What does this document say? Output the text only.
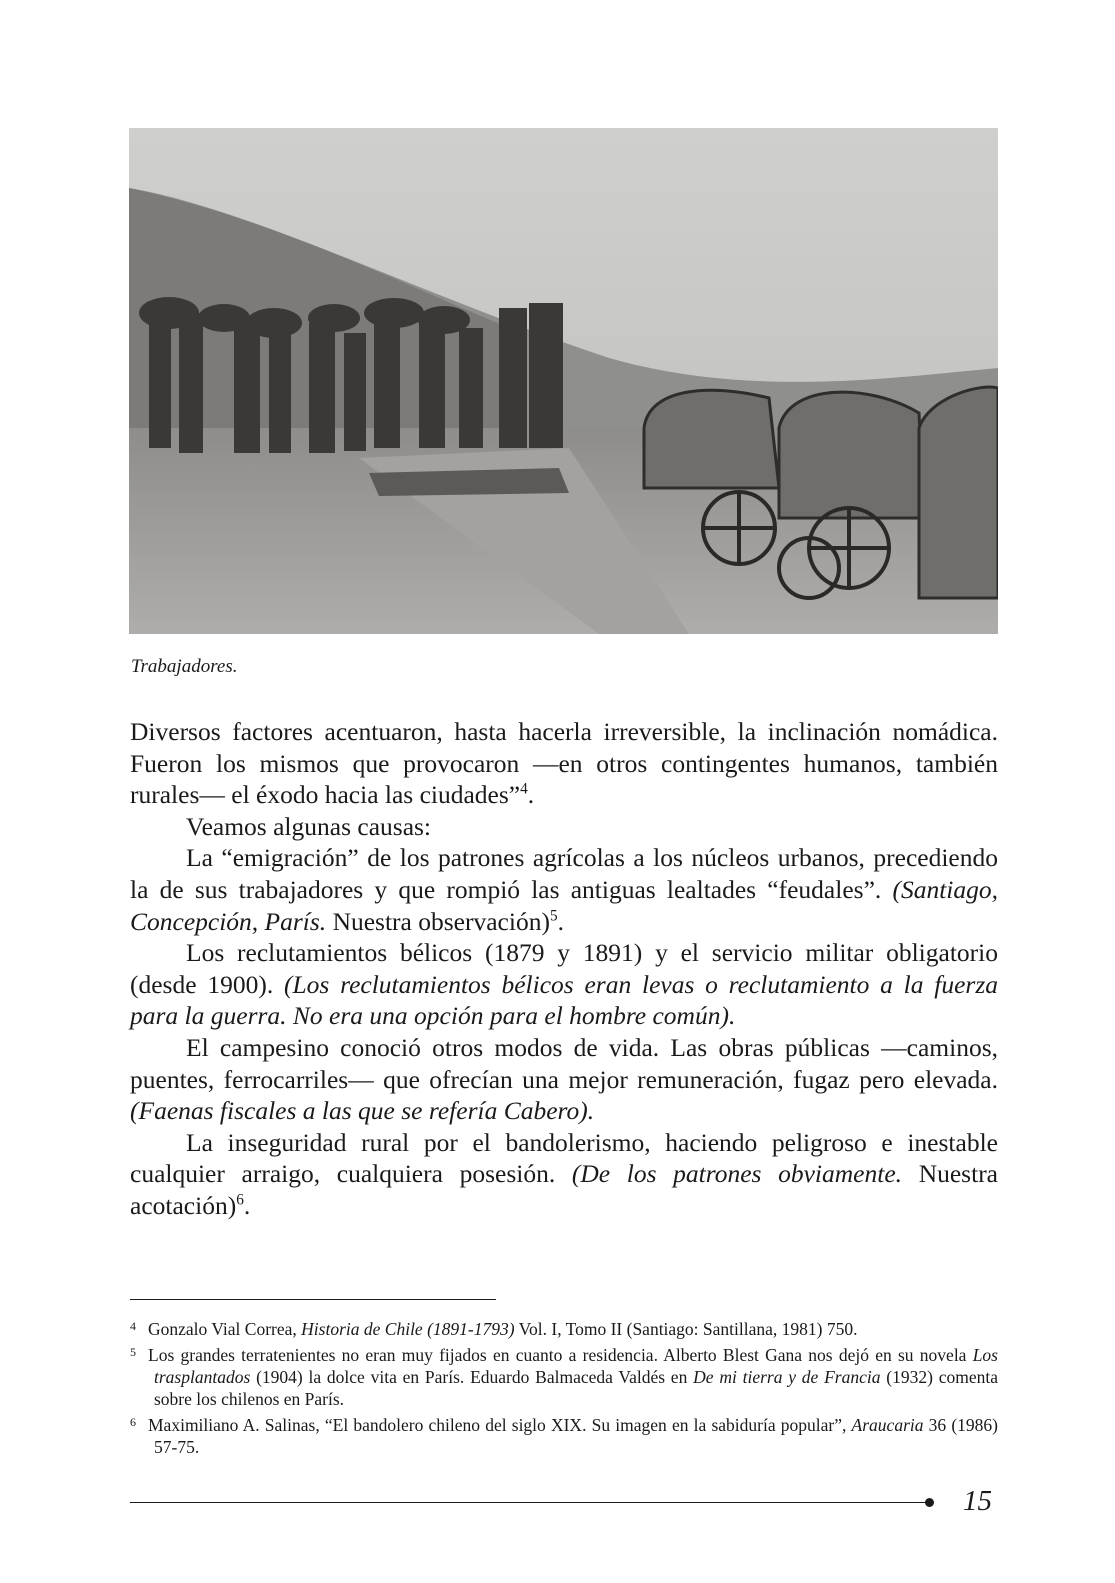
Trabajadores.

Diversos factores acentuaron, hasta hacerla irreversible, la inclinación nomádica. Fueron los mismos que provocaron —en otros contingentes humanos, también rurales— el éxodo hacia las ciudades”$^4$.

Veamos algunas causas:

La “emigración” de los patrones agrícolas a los núcleos urbanos, precediendo la de sus trabajadores y que rompió las antiguas lealtades “feudales”. (Santiago, Concepción, París. Nuestra observación)$^5$.

Los reclutamientos bélicos (1879 y 1891) y el servicio militar obligatorio (desde 1900). (Los reclutamientos bélicos eran levas o reclutamiento a la fuerza para la guerra. No era una opción para el hombre común).

El campesino conoció otros modos de vida. Las obras públicas —caminos, puentes, ferrocarriles— que ofrecían una mejor remuneración, fugaz pero elevada. (Faenas fiscales a las que se refería Cabero).

La inseguridad rural por el bandolerismo, haciendo peligroso e inestable cualquier arraigo, cualquiera posesión. (De los patrones obviamente. Nuestra acotación)$^6$.

4 Gonzalo Vial Correa, Historia de Chile (1891-1793) Vol. I, Tomo II (Santiago: Santillana, 1981) 750.

5 Los grandes terratenientes no eran muy fijados en cuanto a residencia. Alberto Blest Gana nos dejó en su novela Los trasplantados (1904) la dolce vita en París. Eduardo Balmaceda Valdés en De mi tierra y de Francia (1932) comenta sobre los chilenos en París.

6 Maximiliano A. Salinas, “El bandolero chileno del siglo XIX. Su imagen en la sabiduría popular”, Araucaria 36 (1986) 57-75.

15
